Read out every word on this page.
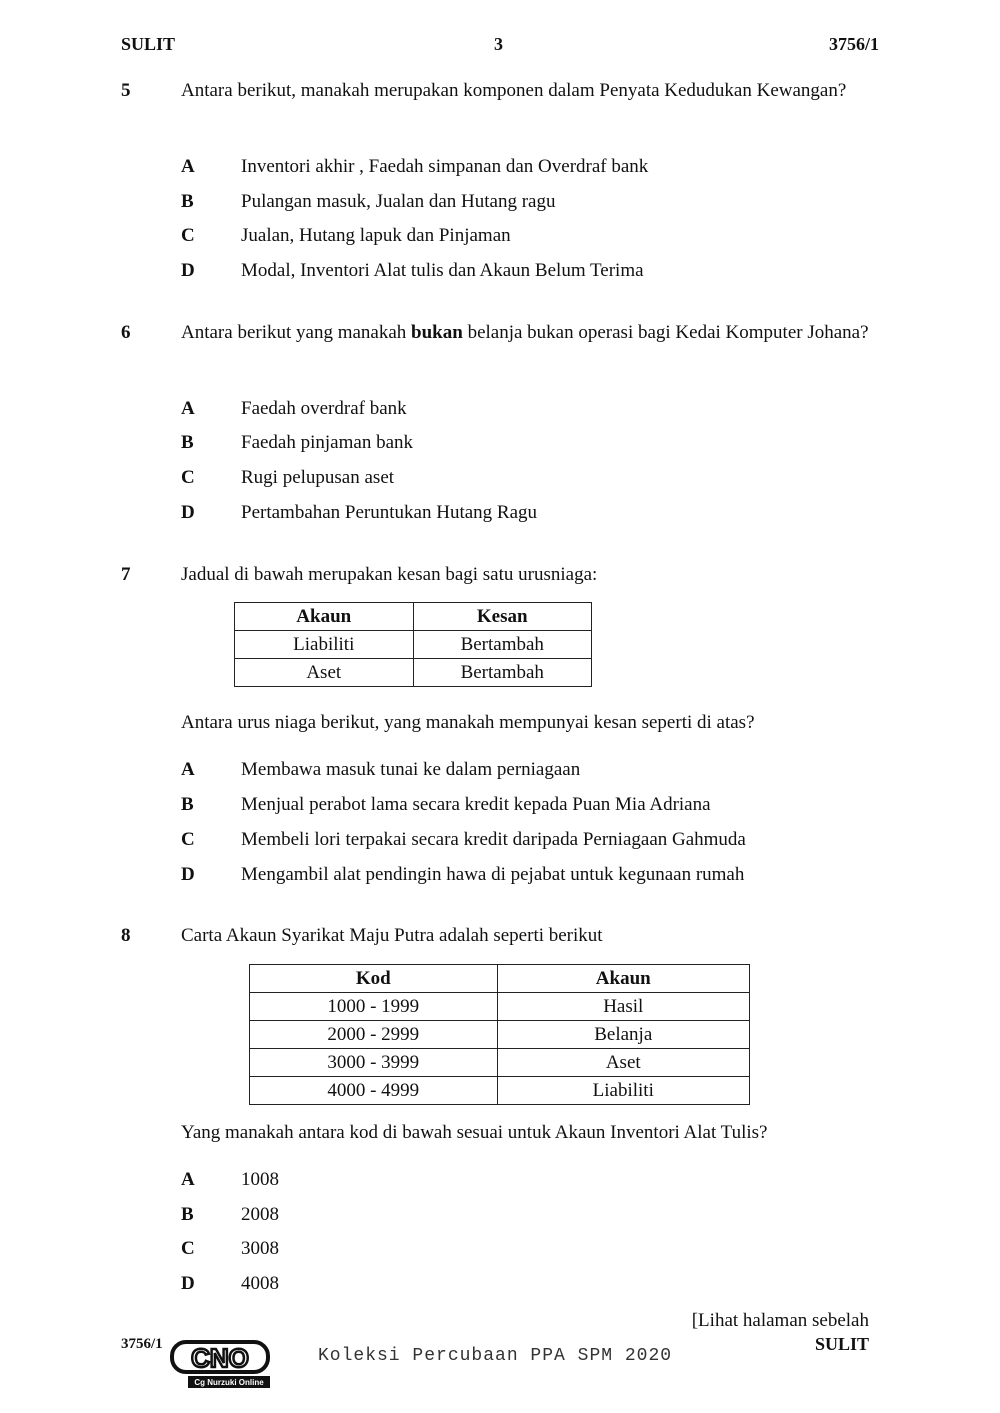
SULIT	3	3756/1
5	Antara berikut, manakah merupakan komponen dalam Penyata Kedudukan Kewangan?
A	Inventori akhir , Faedah simpanan dan Overdraf bank
B	Pulangan masuk, Jualan dan Hutang ragu
C	Jualan, Hutang lapuk dan Pinjaman
D	Modal, Inventori Alat tulis dan Akaun Belum Terima
6	Antara berikut yang manakah bukan belanja bukan operasi bagi Kedai Komputer Johana?
A	Faedah overdraf bank
B	Faedah pinjaman bank
C	Rugi pelupusan aset
D	Pertambahan Peruntukan Hutang Ragu
7	Jadual di bawah merupakan kesan bagi satu urusniaga:
Akaun	Kesan
Liabiliti	Bertambah
Aset	Bertambah
Antara urus niaga berikut, yang manakah mempunyai kesan seperti di atas?
A	Membawa masuk tunai ke dalam perniagaan
B	Menjual perabot lama secara kredit kepada Puan Mia Adriana
C	Membeli lori terpakai secara kredit daripada Perniagaan Gahmuda
D	Mengambil alat pendingin hawa di pejabat untuk kegunaan rumah
8	Carta Akaun Syarikat Maju Putra adalah seperti berikut
Kod	Akaun
1000 - 1999	Hasil
2000 - 2999	Belanja
3000 - 3999	Aset
4000 - 4999	Liabiliti
Yang manakah antara kod di bawah sesuai untuk Akaun Inventori Alat Tulis?
A	1008
B	2008
C	3008
D	4008
[Lihat halaman sebelah
SULIT
3756/1 CNO
Cg Nurzuki Online
Koleksi Percubaan PPA SPM 2020
